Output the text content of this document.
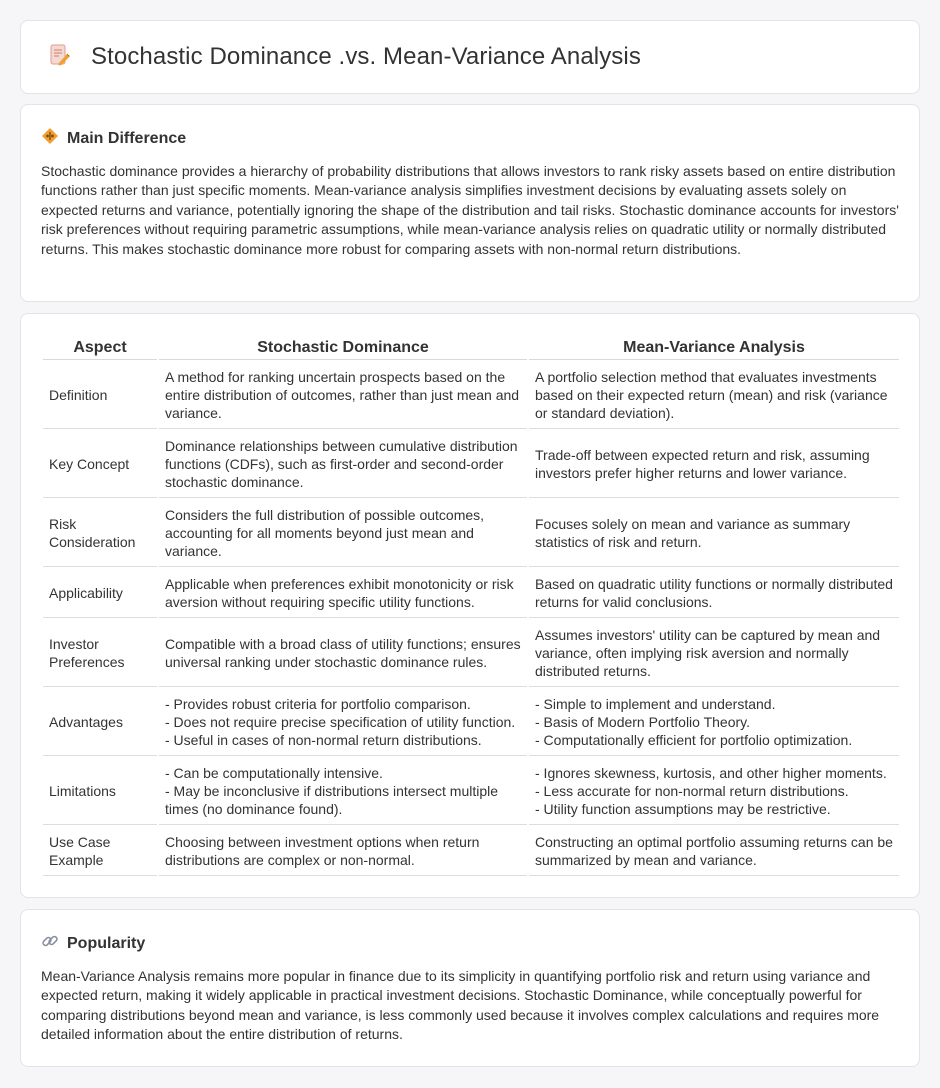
Stochastic Dominance .vs. Mean-Variance Analysis
Main Difference

Stochastic dominance provides a hierarchy of probability distributions that allows investors to rank risky assets based on entire distribution functions rather than just specific moments. Mean-variance analysis simplifies investment decisions by evaluating assets solely on expected returns and variance, potentially ignoring the shape of the distribution and tail risks. Stochastic dominance accounts for investors' risk preferences without requiring parametric assumptions, while mean-variance analysis relies on quadratic utility or normally distributed returns. This makes stochastic dominance more robust for comparing assets with non-normal return distributions.

Aspect	Stochastic Dominance	Mean-Variance Analysis
Definition	A method for ranking uncertain prospects based on the entire distribution of outcomes, rather than just mean and variance.	A portfolio selection method that evaluates investments based on their expected return (mean) and risk (variance or standard deviation).

Key Concept	Dominance relationships between cumulative distribution functions (CDFs), such as first-order and second-order stochastic dominance.	Trade-off between expected return and risk, assuming investors prefer higher returns and lower variance.

Risk Consideration	Considers the full distribution of possible outcomes, accounting for all moments beyond just mean and variance.	Focuses solely on mean and variance as summary statistics of risk and return.

Applicability	Applicable when preferences exhibit monotonicity or risk aversion without requiring specific utility functions.	Based on quadratic utility functions or normally distributed returns for valid conclusions.

Investor Preferences	Compatible with a broad class of utility functions; ensures universal ranking under stochastic dominance rules.	Assumes investors' utility can be captured by mean and variance, often implying risk aversion and normally distributed returns.

Advantages	- Provides robust criteria for portfolio comparison.
- Does not require precise specification of utility function.
- Useful in cases of non-normal return distributions.	- Simple to implement and understand.
- Basis of Modern Portfolio Theory.
- Computationally efficient for portfolio optimization.

Limitations	- Can be computationally intensive.
- May be inconclusive if distributions intersect multiple times (no dominance found).	- Ignores skewness, kurtosis, and other higher moments.
- Less accurate for non-normal return distributions.
- Utility function assumptions may be restrictive.

Use Case Example	Choosing between investment options when return distributions are complex or non-normal.	Constructing an optimal portfolio assuming returns can be summarized by mean and variance.
Popularity

Mean-Variance Analysis remains more popular in finance due to its simplicity in quantifying portfolio risk and return using variance and expected return, making it widely applicable in practical investment decisions. Stochastic Dominance, while conceptually powerful for comparing distributions beyond mean and variance, is less commonly used because it involves complex calculations and requires more detailed information about the entire distribution of returns.
